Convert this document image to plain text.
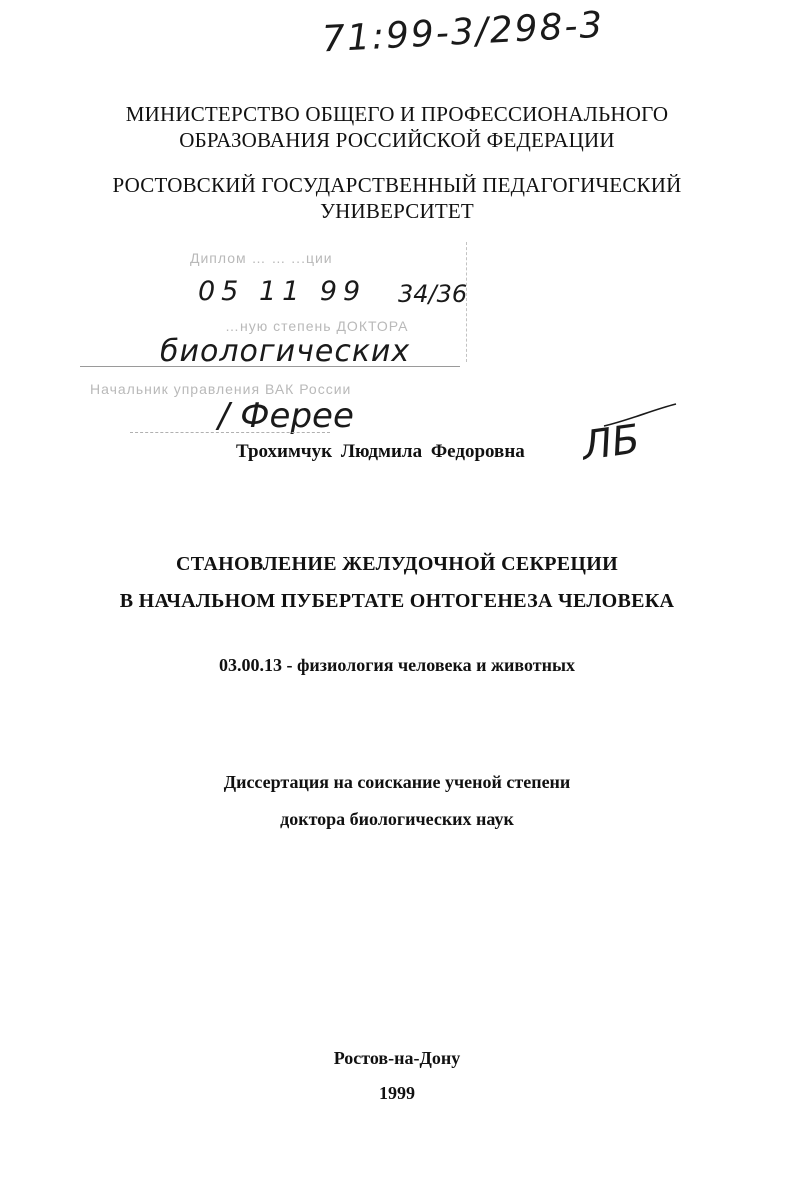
71:99-3/298-3
МИНИСТЕРСТВО ОБЩЕГО И ПРОФЕССИОНАЛЬНОГО
ОБРАЗОВАНИЯ РОССИЙСКОЙ ФЕДЕРАЦИИ
РОСТОВСКИЙ ГОСУДАРСТВЕННЫЙ ПЕДАГОГИЧЕСКИЙ
УНИВЕРСИТЕТ
Диплом … … ...ции
05 11 99 34/36
…ную степень ДОКТОРА
биологических
Начальник управления ВАК России
/ Ферее
Трохимчук Людмила Федоровна ЛБ
СТАНОВЛЕНИЕ ЖЕЛУДОЧНОЙ СЕКРЕЦИИ
В НАЧАЛЬНОМ ПУБЕРТАТЕ ОНТОГЕНЕЗА ЧЕЛОВЕКА
03.00.13 - физиология человека и животных
Диссертация на соискание ученой степени
доктора биологических наук
Ростов-на-Дону
1999
